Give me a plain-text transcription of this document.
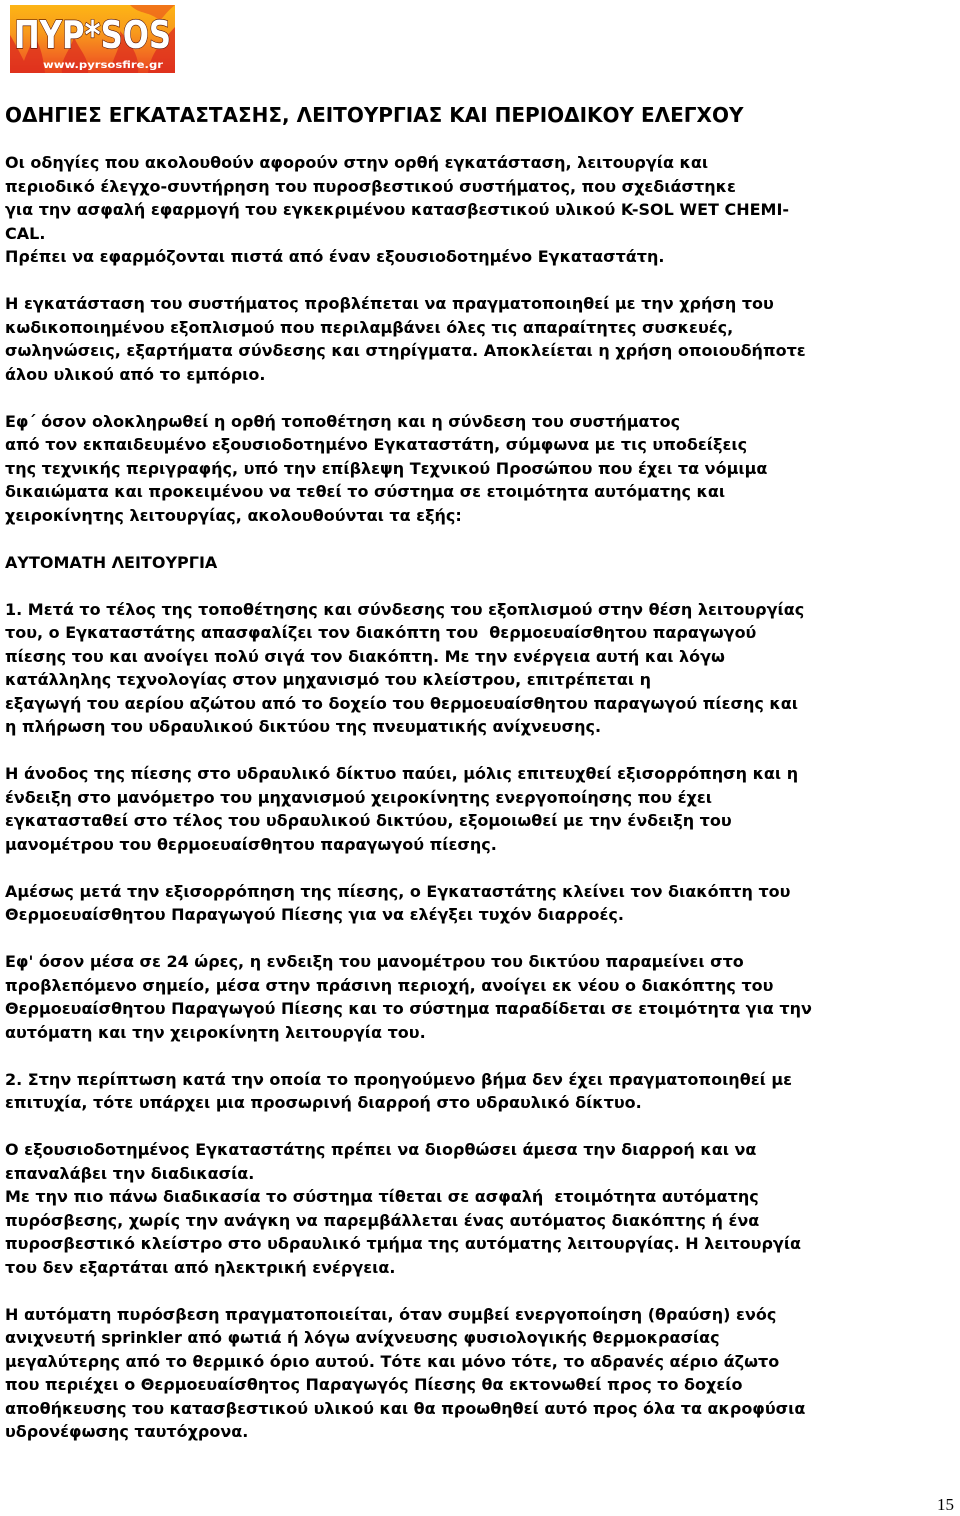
ΠΥΡ*SOS
www.pyrsosfire.gr
ΟΔΗΓΙΕΣ ΕΓΚΑΤΑΣΤΑΣΗΣ, ΛΕΙΤΟΥΡΓΙΑΣ ΚΑΙ ΠΕΡΙΟΔΙΚΟΥ ΕΛΕΓΧΟΥ
Οι οδηγίες που ακολουθούν αφορούν στην ορθή εγκατάσταση, λειτουργία και
περιοδικό έλεγχο-συντήρηση του πυροσβεστικού συστήματος, που σχεδιάστηκε
για την ασφαλή εφαρμογή του εγκεκριμένου κατασβεστικού υλικού K-SOL WET CHEMI-
CAL.
Πρέπει να εφαρμόζονται πιστά από έναν εξουσιοδοτημένο Εγκαταστάτη.
Η εγκατάσταση του συστήματος προβλέπεται να πραγματοποιηθεί με την χρήση του
κωδικοποιημένου εξοπλισμού που περιλαμβάνει όλες τις απαραίτητες συσκευές,
σωληνώσεις, εξαρτήματα σύνδεσης και στηρίγματα. Αποκλείεται η χρήση οποιουδήποτε
άλου υλικού από το εμπόριο.
Εφ΄ όσον ολοκληρωθεί η ορθή τοποθέτηση και η σύνδεση του συστήματος
από τον εκπαιδευμένο εξουσιοδοτημένο Εγκαταστάτη, σύμφωνα με τις υποδείξεις
της τεχνικής περιγραφής, υπό την επίβλεψη Τεχνικού Προσώπου που έχει τα νόμιμα
δικαιώματα και προκειμένου να τεθεί το σύστημα σε ετοιμότητα αυτόματης και
χειροκίνητης λειτουργίας, ακολουθούνται τα εξής:
ΑΥΤΟΜΑΤΗ ΛΕΙΤΟΥΡΓΙΑ
1. Μετά το τέλος της τοποθέτησης και σύνδεσης του εξοπλισμού στην θέση λειτουργίας
του, ο Εγκαταστάτης απασφαλίζει τον διακόπτη του  θερμοευαίσθητου παραγωγού
πίεσης του και ανοίγει πολύ σιγά τον διακόπτη. Με την ενέργεια αυτή και λόγω
κατάλληλης τεχνολογίας στον μηχανισμό του κλείστρου, επιτρέπεται η
εξαγωγή του αερίου αζώτου από το δοχείο του θερμοευαίσθητου παραγωγού πίεσης και
η πλήρωση του υδραυλικού δικτύου της πνευματικής ανίχνευσης.
Η άνοδος της πίεσης στο υδραυλικό δίκτυο παύει, μόλις επιτευχθεί εξισορρόπηση και η
ένδειξη στο μανόμετρο του μηχανισμού χειροκίνητης ενεργοποίησης που έχει
εγκατασταθεί στο τέλος του υδραυλικού δικτύου, εξομοιωθεί με την ένδειξη του
μανομέτρου του θερμοευαίσθητου παραγωγού πίεσης.
Αμέσως μετά την εξισορρόπηση της πίεσης, ο Εγκαταστάτης κλείνει τον διακόπτη του
Θερμοευαίσθητου Παραγωγού Πίεσης για να ελέγξει τυχόν διαρροές.
Εφ' όσον μέσα σε 24 ώρες, η ενδειξη του μανομέτρου του δικτύου παραμείνει στο
προβλεπόμενο σημείο, μέσα στην πράσινη περιοχή, ανοίγει εκ νέου ο διακόπτης του
Θερμοευαίσθητου Παραγωγού Πίεσης και το σύστημα παραδίδεται σε ετοιμότητα για την
αυτόματη και την χειροκίνητη λειτουργία του.
2. Στην περίπτωση κατά την οποία το προηγούμενο βήμα δεν έχει πραγματοποιηθεί με
επιτυχία, τότε υπάρχει μια προσωρινή διαρροή στο υδραυλικό δίκτυο.
Ο εξουσιοδοτημένος Εγκαταστάτης πρέπει να διορθώσει άμεσα την διαρροή και να
επαναλάβει την διαδικασία.
Με την πιο πάνω διαδικασία το σύστημα τίθεται σε ασφαλή  ετοιμότητα αυτόματης
πυρόσβεσης, χωρίς την ανάγκη να παρεμβάλλεται ένας αυτόματος διακόπτης ή ένα
πυροσβεστικό κλείστρο στο υδραυλικό τμήμα της αυτόματης λειτουργίας. Η λειτουργία
του δεν εξαρτάται από ηλεκτρική ενέργεια.
Η αυτόματη πυρόσβεση πραγματοποιείται, όταν συμβεί ενεργοποίηση (θραύση) ενός
ανιχνευτή sprinkler από φωτιά ή λόγω ανίχνευσης φυσιολογικής θερμοκρασίας
μεγαλύτερης από το θερμικό όριο αυτού. Τότε και μόνο τότε, το αδρανές αέριο άζωτο
που περιέχει ο Θερμοευαίσθητος Παραγωγός Πίεσης θα εκτονωθεί προς το δοχείο
αποθήκευσης του κατασβεστικού υλικού και θα προωθηθεί αυτό προς όλα τα ακροφύσια
υδρονέφωσης ταυτόχρονα.
15
